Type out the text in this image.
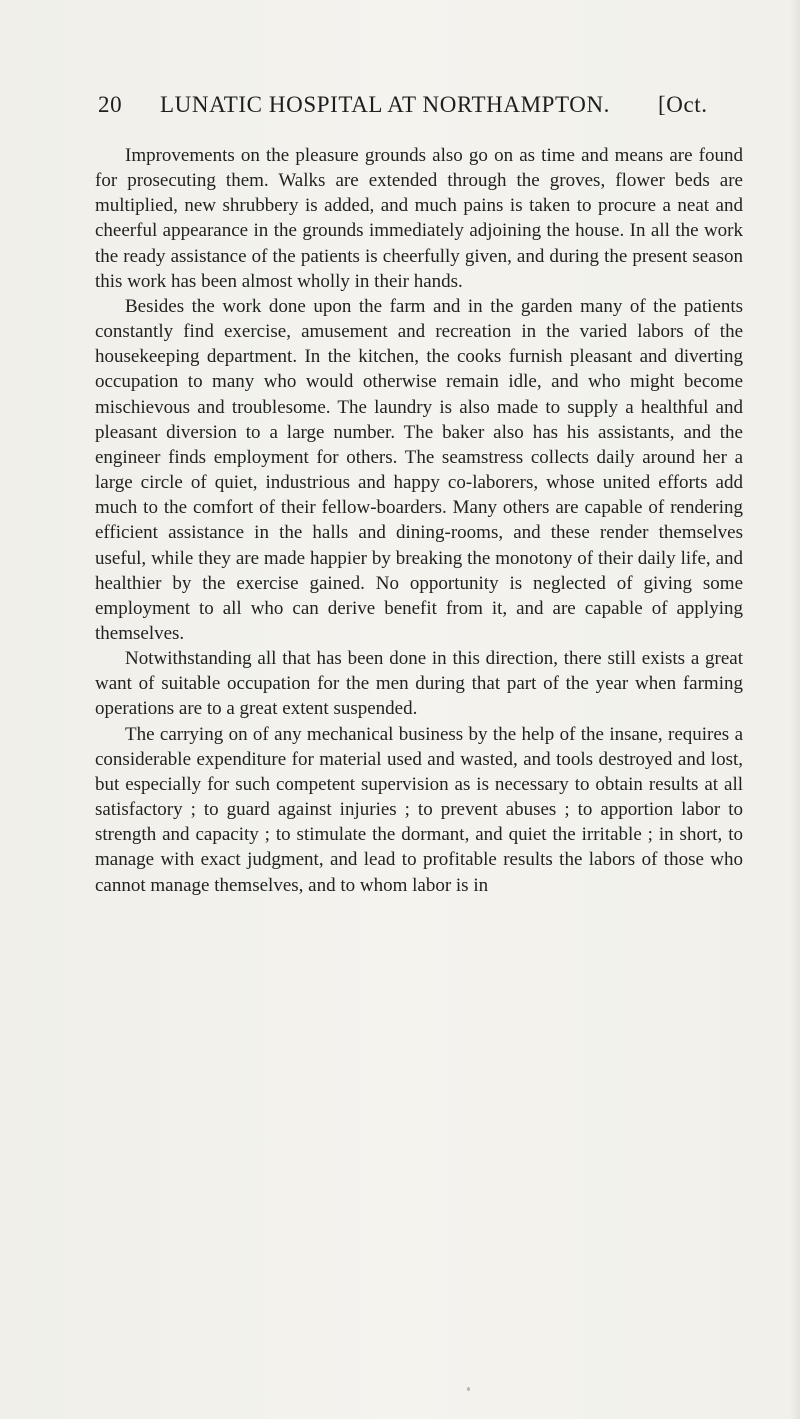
20 LUNATIC HOSPITAL AT NORTHAMPTON. [Oct.

Improvements on the pleasure grounds also go on as time and means are found for prosecuting them. Walks are extended through the groves, flower beds are multiplied, new shrubbery is added, and much pains is taken to procure a neat and cheerful appearance in the grounds immediately adjoining the house. In all the work the ready assistance of the patients is cheerfully given, and during the present season this work has been almost wholly in their hands.

Besides the work done upon the farm and in the garden many of the patients constantly find exercise, amusement and recreation in the varied labors of the housekeeping department. In the kitchen, the cooks furnish pleasant and diverting occupation to many who would otherwise remain idle, and who might become mischievous and troublesome. The laundry is also made to supply a healthful and pleasant diversion to a large number. The baker also has his assistants, and the engineer finds employment for others. The seamstress collects daily around her a large circle of quiet, industrious and happy co-laborers, whose united efforts add much to the comfort of their fellow-boarders. Many others are capable of rendering efficient assistance in the halls and dining-rooms, and these render themselves useful, while they are made happier by breaking the monotony of their daily life, and healthier by the exercise gained. No opportunity is neglected of giving some employment to all who can derive benefit from it, and are capable of applying themselves.

Notwithstanding all that has been done in this direction, there still exists a great want of suitable occupation for the men during that part of the year when farming operations are to a great extent suspended.

The carrying on of any mechanical business by the help of the insane, requires a considerable expenditure for material used and wasted, and tools destroyed and lost, but especially for such competent supervision as is necessary to obtain results at all satisfactory ; to guard against injuries ; to prevent abuses ; to apportion labor to strength and capacity ; to stimulate the dormant, and quiet the irritable ; in short, to manage with exact judgment, and lead to profitable results the labors of those who cannot manage themselves, and to whom labor is in
